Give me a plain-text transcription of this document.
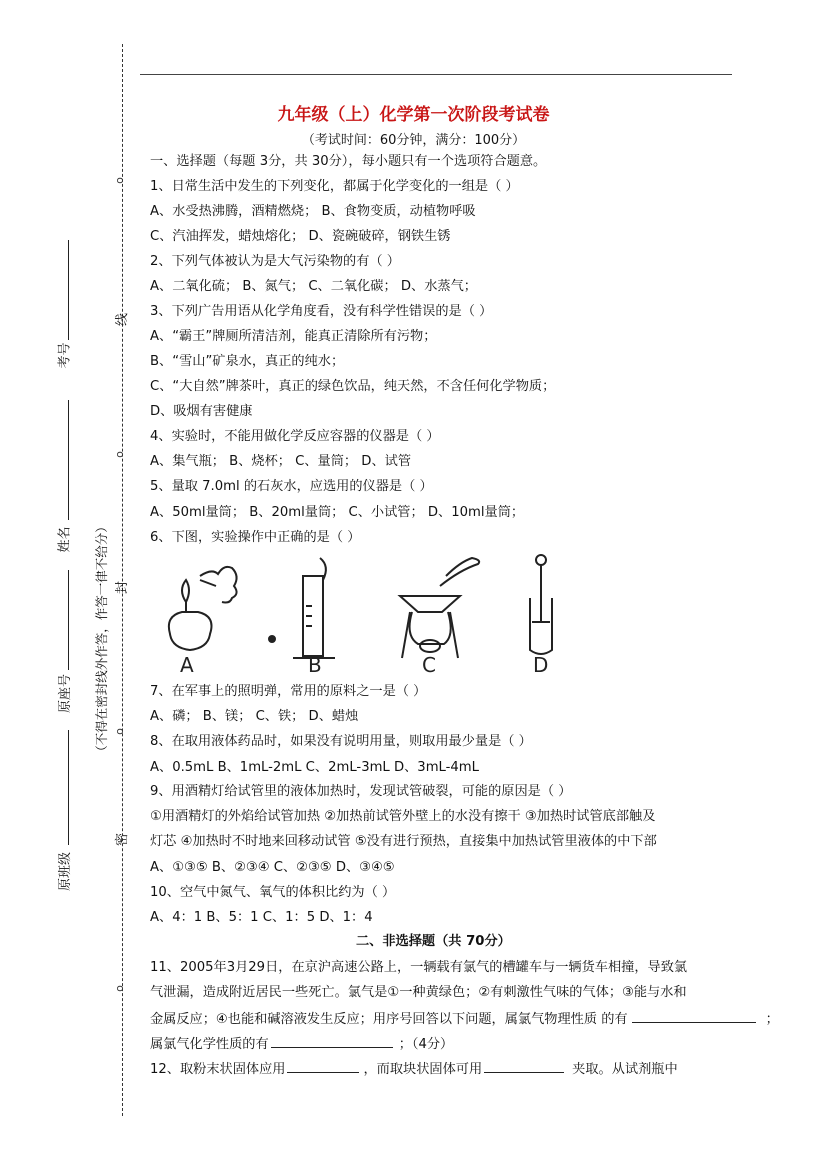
o
o
o
o
线
封
密
（不得在密封线外作答，作答一律不给分）
考号
姓名
原座号
原班级
九年级（上）化学第一次阶段考试卷
（考试时间：60分钟，满分：100分）
一、选择题（每题 3分，共 30分），每小题只有一个选项符合题意。
1、日常生活中发生的下列变化，都属于化学变化的一组是（ ）
A、水受热沸腾，酒精燃烧； B、食物变质，动植物呼吸
C、汽油挥发，蜡烛熔化； D、瓷碗破碎，钢铁生锈
2、下列气体被认为是大气污染物的有（ ）
A、二氧化硫； B、氮气； C、二氧化碳； D、水蒸气；
3、下列广告用语从化学角度看，没有科学性错误的是（ ）
A、“霸王”牌厕所清洁剂，能真正清除所有污物；
B、“雪山”矿泉水，真正的纯水；
C、“大自然”牌茶叶，真正的绿色饮品，纯天然，不含任何化学物质；
D、吸烟有害健康
4、实验时，不能用做化学反应容器的仪器是（ ）
A、集气瓶； B、烧杯； C、量筒； D、试管
5、量取 7.0ml 的石灰水，应选用的仪器是（ ）
A、50ml量筒； B、20ml量筒； C、小试管； D、10ml量筒；
6、下图，实验操作中正确的是（ ）
A	B	C	D
7、在军事上的照明弹，常用的原料之一是（ ）
A、磷； B、镁； C、铁； D、蜡烛
8、在取用液体药品时，如果没有说明用量，则取用最少量是（ ）
A、0.5mL B、1mL-2mL C、2mL-3mL D、3mL-4mL
9、用酒精灯给试管里的液体加热时，发现试管破裂，可能的原因是（ ）
①用酒精灯的外焰给试管加热 ②加热前试管外壁上的水没有擦干 ③加热时试管底部触及
灯芯 ④加热时不时地来回移动试管 ⑤没有进行预热，直接集中加热试管里液体的中下部
A、①③⑤ B、②③④ C、②③⑤ D、③④⑤
10、空气中氮气、氧气的体积比约为（ ）
A、4：1 B、5：1 C、1：5 D、1：4
二、非选择题（共 70分）
11、2005年3月29日，在京沪高速公路上，一辆载有氯气的槽罐车与一辆货车相撞，导致氯
气泄漏，造成附近居民一些死亡。氯气是①一种黄绿色；②有刺激性气味的气体；③能与水和
金属反应；④也能和碱溶液发生反应；用序号回答以下问题，属氯气物理性质 的有	；
属氯气化学性质的有	；（4分）
12、取粉末状固体应用	，而取块状固体可用	夹取。从试剂瓶中
